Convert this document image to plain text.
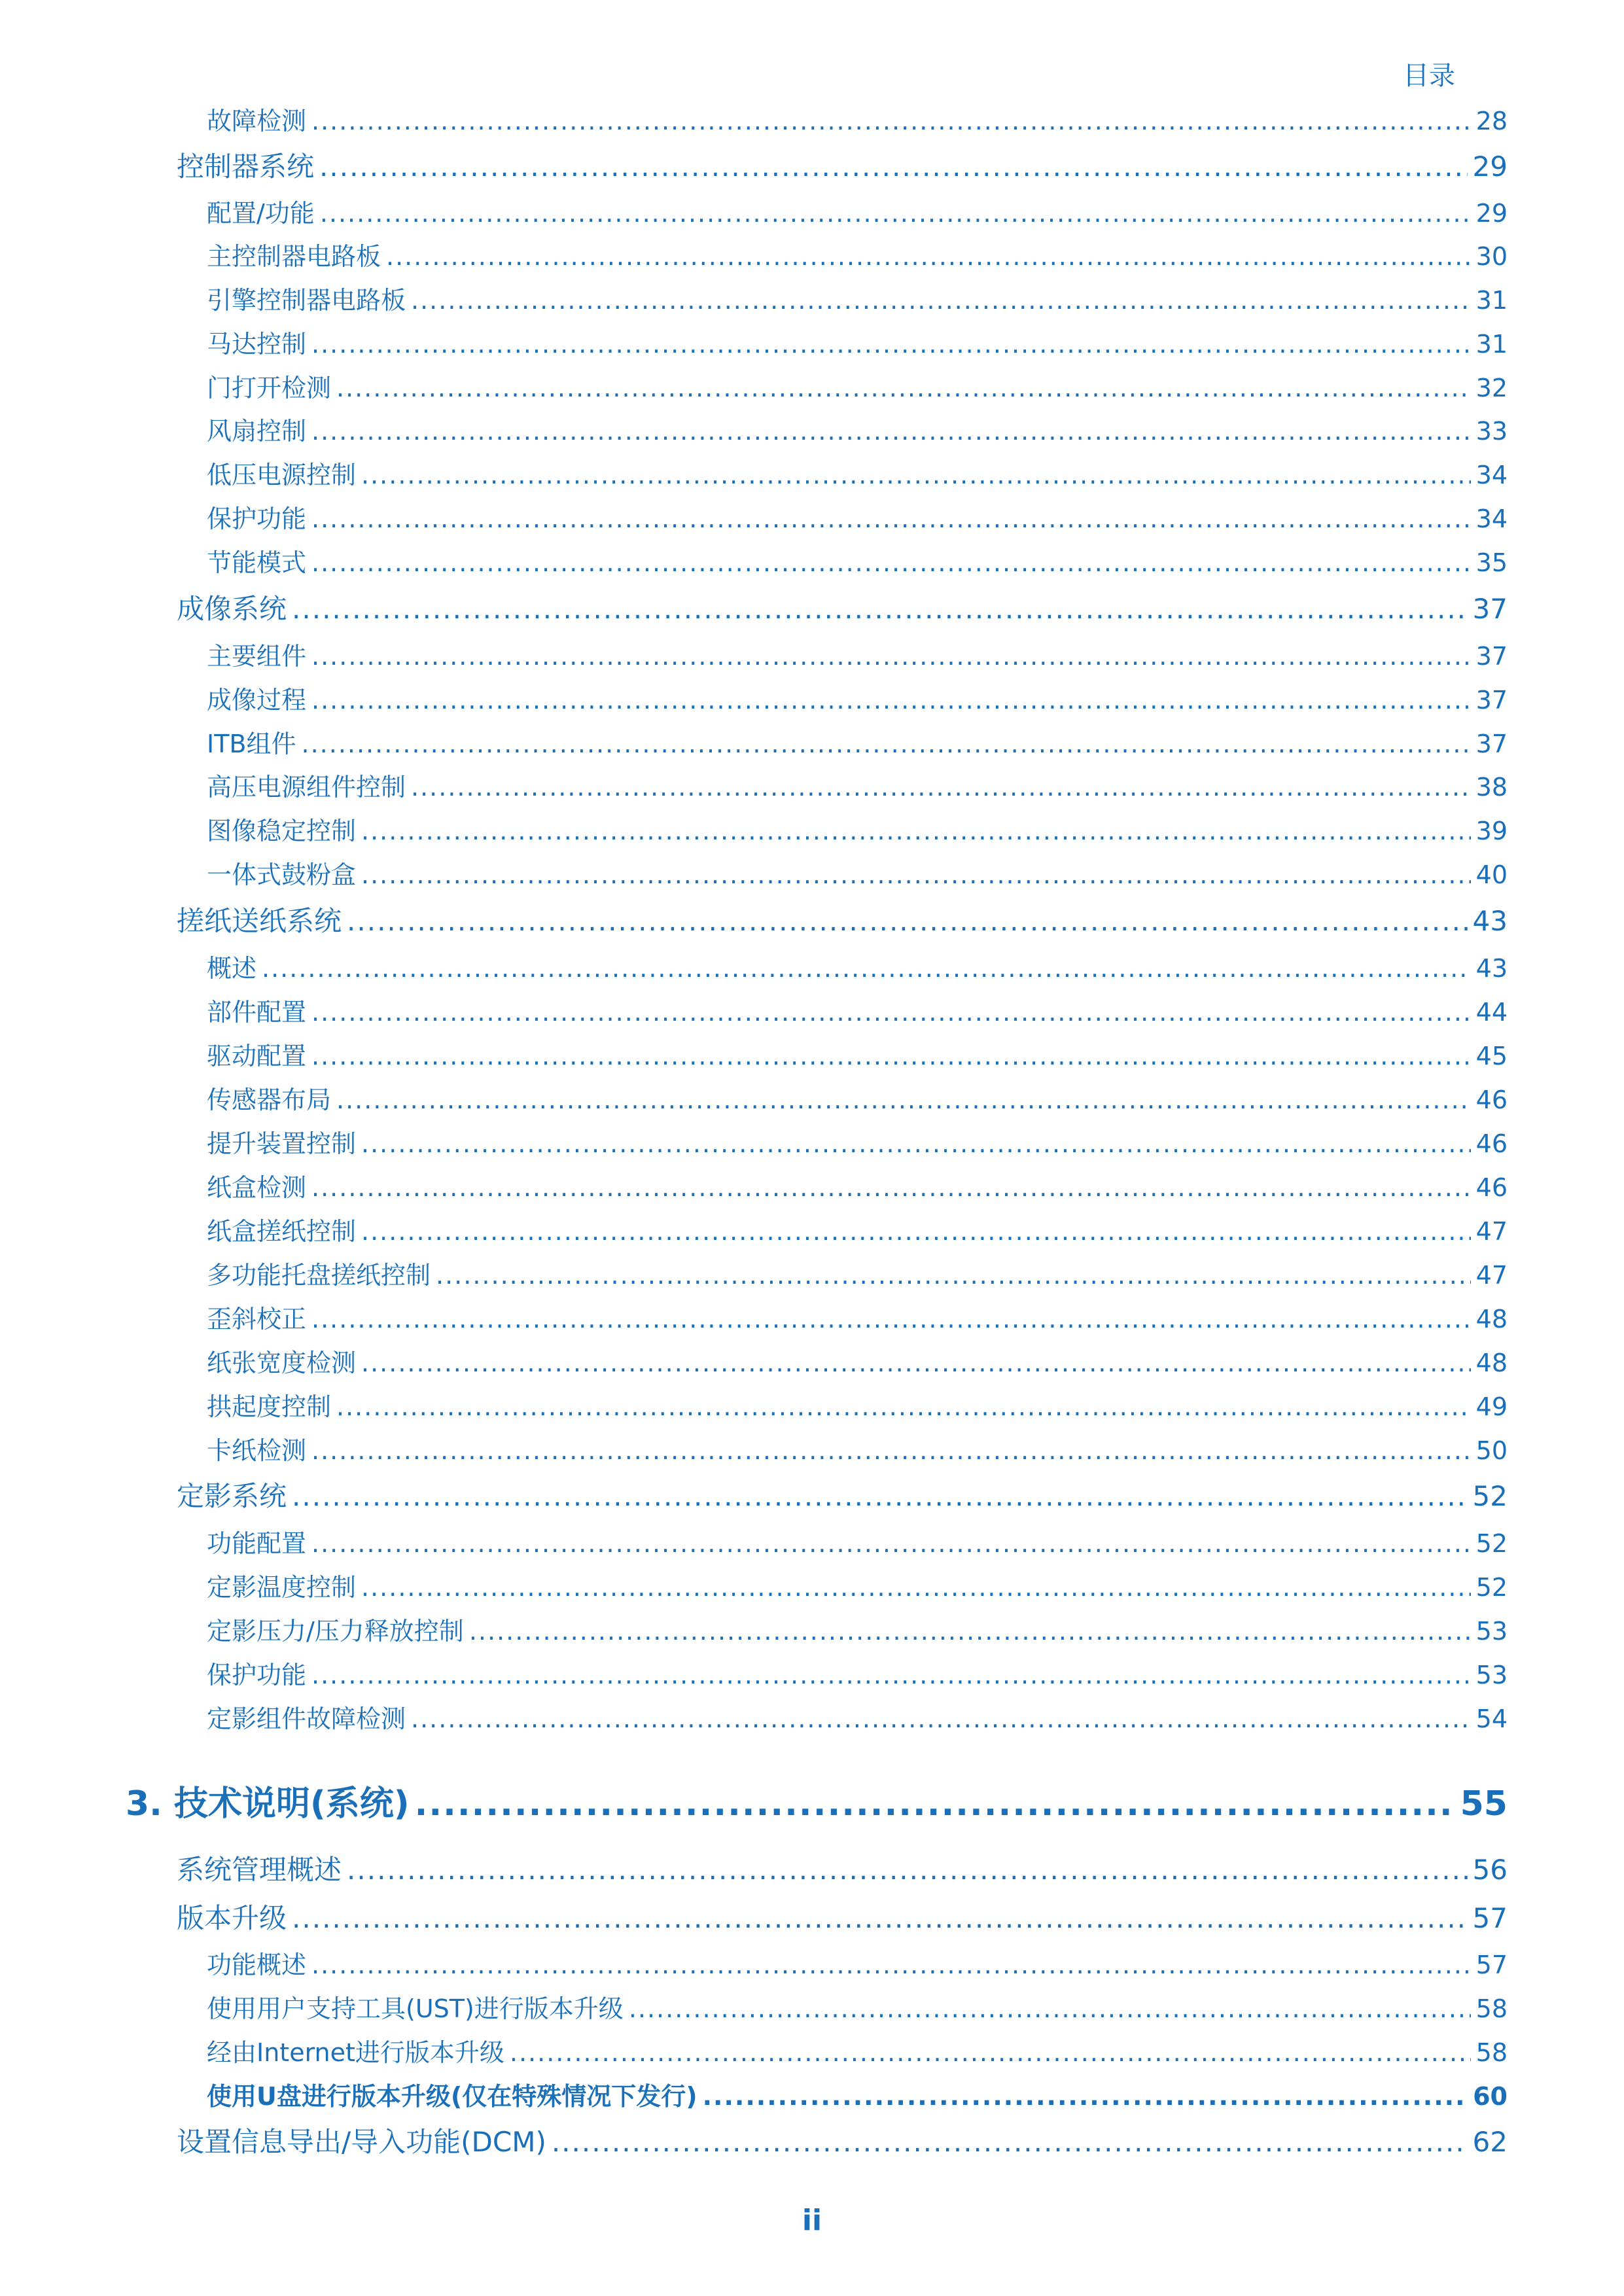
目录
故障检测 .....	28
控制器系统 .....	29
配置/功能 .....	29
主控制器电路板 .....	30
引擎控制器电路板 .....	31
马达控制 .....	31
门打开检测 .....	32
风扇控制 .....	33
低压电源控制 .....	34
保护功能 .....	34
节能模式 .....	35
成像系统 .....	37
主要组件 .....	37
成像过程 .....	37
ITB组件 .....	37
高压电源组件控制 .....	38
图像稳定控制 .....	39
一体式鼓粉盒 .....	40
搓纸送纸系统 .....	43
概述 .....	43
部件配置 .....	44
驱动配置 .....	45
传感器布局 .....	46
提升装置控制 .....	46
纸盒检测 .....	46
纸盒搓纸控制 .....	47
多功能托盘搓纸控制 .....	47
歪斜校正 .....	48
纸张宽度检测 .....	48
拱起度控制 .....	49
卡纸检测 .....	50
定影系统 .....	52
功能配置 .....	52
定影温度控制 .....	52
定影压力/压力释放控制 .....	53
保护功能 .....	53
定影组件故障检测 .....	54
3. 技术说明(系统) .....	55
系统管理概述 .....	56
版本升级 .....	57
功能概述 .....	57
使用用户支持工具(UST)进行版本升级 .....	58
经由Internet进行版本升级 .....	58
使用U盘进行版本升级(仅在特殊情况下发行) .....	60
设置信息导出/导入功能(DCM) .....	62
ii
